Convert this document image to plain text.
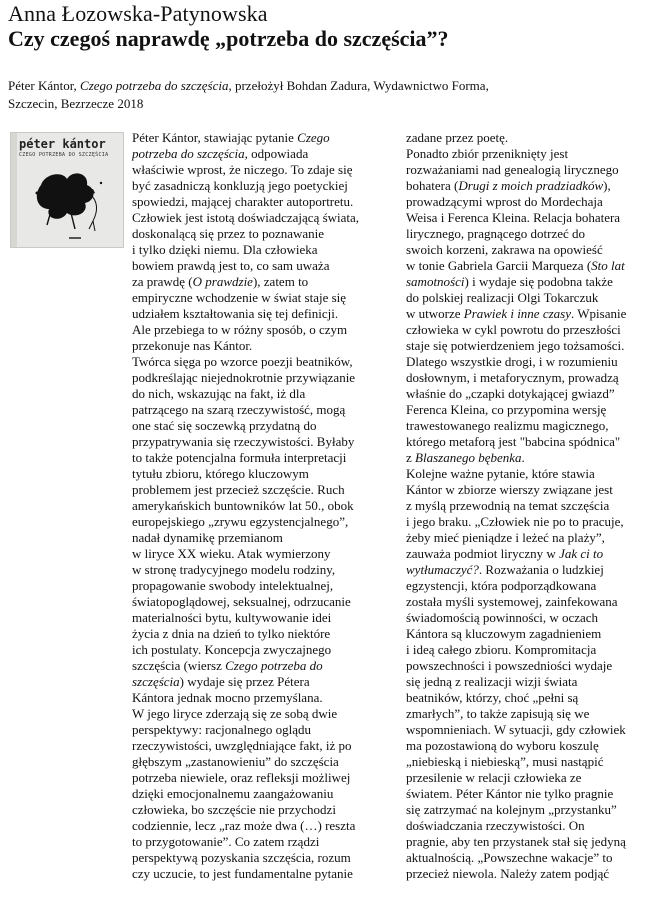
Anna Łozowska-Patynowska
Czy czegoś naprawdę „potrzeba do szczęścia”?
Péter Kántor, Czego potrzeba do szczęścia, przełożył Bohdan Zadura, Wydawnictwo Forma,
Szczecin, Bezrzecze 2018
péter kántor
CZEGO POTRZEBA DO SZCZĘŚCIA
Péter Kántor, stawiając pytanie Czego
potrzeba do szczęścia, odpowiada
właściwie wprost, że niczego. To zdaje się
być zasadniczą konkluzją jego poetyckiej
spowiedzi, mającej charakter autoportretu.
Człowiek jest istotą doświadczającą świata,
doskonalącą się przez to poznawanie
i tylko dzięki niemu. Dla człowieka
bowiem prawdą jest to, co sam uważa
za prawdę (O prawdzie), zatem to
empiryczne wchodzenie w świat staje się
udziałem kształtowania się tej definicji.
Ale przebiega to w różny sposób, o czym
przekonuje nas Kántor.
Twórca sięga po wzorce poezji beatników,
podkreślając niejednokrotnie przywiązanie
do nich, wskazując na fakt, iż dla
patrzącego na szarą rzeczywistość, mogą
one stać się soczewką przydatną do
przypatrywania się rzeczywistości. Byłaby
to także potencjalna formuła interpretacji
tytułu zbioru, którego kluczowym
problemem jest przecież szczęście. Ruch
amerykańskich buntowników lat 50., obok
europejskiego „zrywu egzystencjalnego”,
nadał dynamikę przemianom
w liryce XX wieku. Atak wymierzony
w stronę tradycyjnego modelu rodziny,
propagowanie swobody intelektualnej,
światopoglądowej, seksualnej, odrzucanie
materialności bytu, kultywowanie idei
życia z dnia na dzień to tylko niektóre
ich postulaty. Koncepcja zwyczajnego
szczęścia (wiersz Czego potrzeba do
szczęścia) wydaje się przez Pétera
Kántora jednak mocno przemyślana.
W jego liryce zderzają się ze sobą dwie
perspektywy: racjonalnego oglądu
rzeczywistości, uwzględniające fakt, iż po
głębszym „zastanowieniu” do szczęścia
potrzeba niewiele, oraz refleksji możliwej
dzięki emocjonalnemu zaangażowaniu
człowieka, bo szczęście nie przychodzi
codziennie, lecz „raz może dwa (…) reszta
to przygotowanie”. Co zatem rządzi
perspektywą pozyskania szczęścia, rozum
czy uczucie, to jest fundamentalne pytanie
zadane przez poetę.
Ponadto zbiór przeniknięty jest
rozważaniami nad genealogią lirycznego
bohatera (Drugi z moich pradziadków),
prowadzącymi wprost do Mordechaja
Weisa i Ferenca Kleina. Relacja bohatera
lirycznego, pragnącego dotrzeć do
swoich korzeni, zakrawa na opowieść
w tonie Gabriela Garcii Marqueza (Sto lat
samotności) i wydaje się podobna także
do polskiej realizacji Olgi Tokarczuk
w utworze Prawiek i inne czasy. Wpisanie
człowieka w cykl powrotu do przeszłości
staje się potwierdzeniem jego tożsamości.
Dlatego wszystkie drogi, i w rozumieniu
dosłownym, i metaforycznym, prowadzą
właśnie do „czapki dotykającej gwiazd”
Ferenca Kleina, co przypomina wersję
trawestowanego realizmu magicznego,
którego metaforą jest "babcina spódnica"
z Blaszanego bębenka.
Kolejne ważne pytanie, które stawia
Kántor w zbiorze wierszy związane jest
z myślą przewodnią na temat szczęścia
i jego braku. „Człowiek nie po to pracuje,
żeby mieć pieniądze i leżeć na plaży”,
zauważa podmiot liryczny w Jak ci to
wytłumaczyć?. Rozważania o ludzkiej
egzystencji, która podporządkowana
została myśli systemowej, zainfekowana
świadomością powinności, w oczach
Kántora są kluczowym zagadnieniem
i ideą całego zbioru. Kompromitacja
powszechności i powszedniości wydaje
się jedną z realizacji wizji świata
beatników, którzy, choć „pełni są
zmarłych”, to także zapisują się we
wspomnieniach. W sytuacji, gdy człowiek
ma pozostawioną do wyboru koszulę
„niebieską i niebieską”, musi nastąpić
przesilenie w relacji człowieka ze
światem. Péter Kántor nie tylko pragnie
się zatrzymać na kolejnym „przystanku”
doświadczania rzeczywistości. On
pragnie, aby ten przystanek stał się jedyną
aktualnością. „Powszechne wakacje” to
przecież niewola. Należy zatem podjąć
